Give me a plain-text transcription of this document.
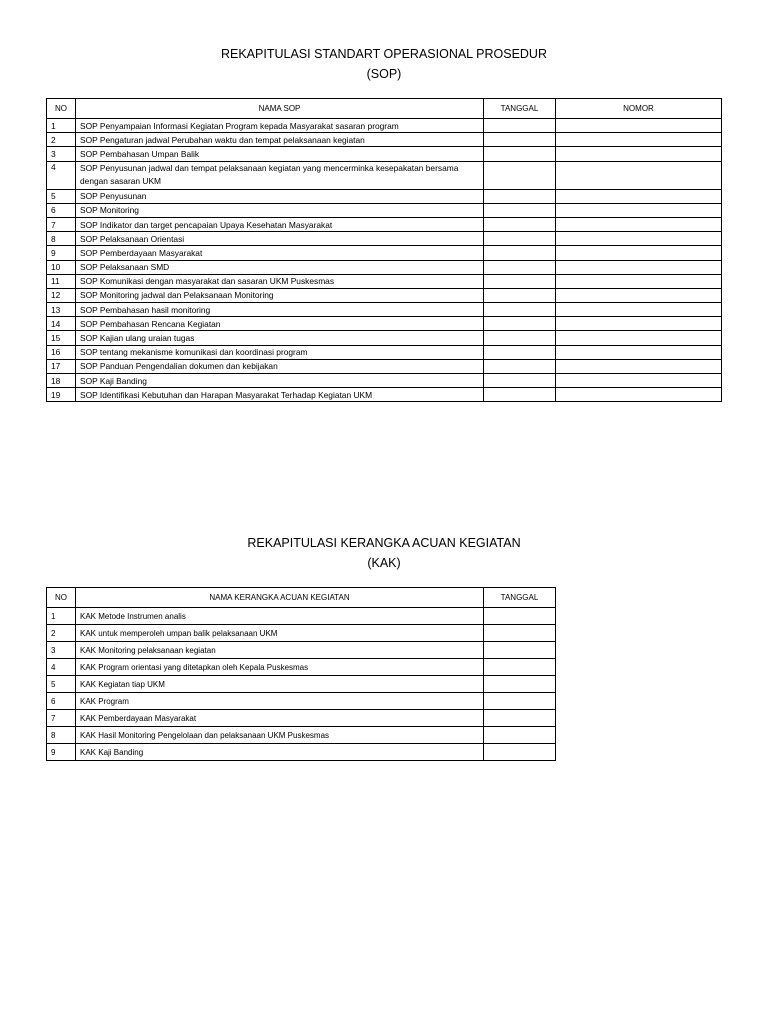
REKAPITULASI STANDART OPERASIONAL PROSEDUR
(SOP)
NO	NAMA SOP	TANGGAL	NOMOR
1	SOP Penyampaian Informasi Kegiatan Program kepada Masyarakat sasaran program		
2	SOP Pengaturan jadwal Perubahan waktu dan tempat pelaksanaan kegiatan		
3	SOP Pembahasan Umpan Balik		
4	SOP Penyusunan jadwal dan tempat pelaksanaan kegiatan yang mencerminka kesepakatan bersama dengan sasaran UKM		
5	SOP Penyusunan		
6	SOP Monitoring		
7	SOP Indikator dan target pencapaian Upaya Kesehatan Masyarakat		
8	SOP Pelaksanaan Orientasi		
9	SOP Pemberdayaan Masyarakat		
10	SOP Pelaksanaan SMD		
11	SOP Komunikasi dengan masyarakat dan sasaran UKM Puskesmas		
12	SOP Monitoring jadwal dan Pelaksanaan Monitoring		
13	SOP Pembahasan hasil monitoring		
14	SOP Pembahasan Rencana Kegiatan		
15	SOP Kajian ulang uraian tugas		
16	SOP tentang mekanisme komunikasi dan koordinasi program		
17	SOP Panduan Pengendalian dokumen dan kebijakan		
18	SOP Kaji Banding		
19	SOP Identifikasi Kebutuhan dan Harapan Masyarakat Terhadap Kegiatan UKM		
REKAPITULASI KERANGKA ACUAN KEGIATAN
(KAK)
NO	NAMA KERANGKA ACUAN KEGIATAN	TANGGAL
1	KAK Metode Instrumen analis	
2	KAK untuk memperoleh umpan balik pelaksanaan UKM	
3	KAK Monitoring pelaksanaan kegiatan	
4	KAK Program orientasi yang ditetapkan oleh Kepala Puskesmas	
5	KAK Kegiatan tiap UKM	
6	KAK Program	
7	KAK Pemberdayaan Masyarakat	
8	KAK Hasil Monitoring Pengelolaan dan pelaksanaan UKM Puskesmas	
9	KAK Kaji Banding	
